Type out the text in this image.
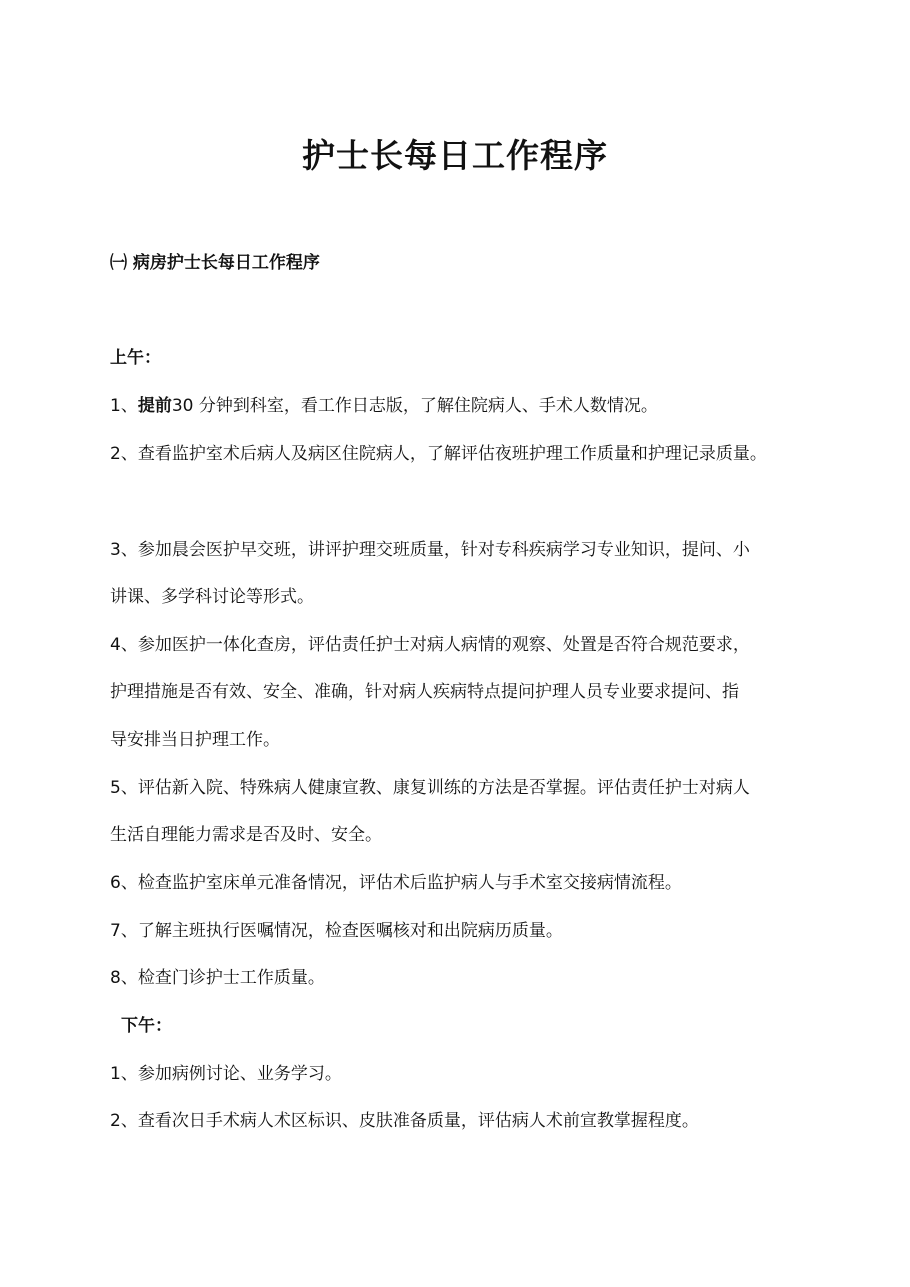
护士长每日工作程序
㈠ 病房护士长每日工作程序
上午：
1、提前30 分钟到科室，看工作日志版，了解住院病人、手术人数情况。
2、查看监护室术后病人及病区住院病人，了解评估夜班护理工作质量和护理记录质量。
3、参加晨会医护早交班，讲评护理交班质量，针对专科疾病学习专业知识，提问、小
讲课、多学科讨论等形式。
4、参加医护一体化查房，评估责任护士对病人病情的观察、处置是否符合规范要求，
护理措施是否有效、安全、准确，针对病人疾病特点提问护理人员专业要求提问、指
导安排当日护理工作。
5、评估新入院、特殊病人健康宣教、康复训练的方法是否掌握。评估责任护士对病人
生活自理能力需求是否及时、安全。
6、检查监护室床单元准备情况，评估术后监护病人与手术室交接病情流程。
7、了解主班执行医嘱情况，检查医嘱核对和出院病历质量。
8、检查门诊护士工作质量。
下午：
1、参加病例讨论、业务学习。
2、查看次日手术病人术区标识、皮肤准备质量，评估病人术前宣教掌握程度。
